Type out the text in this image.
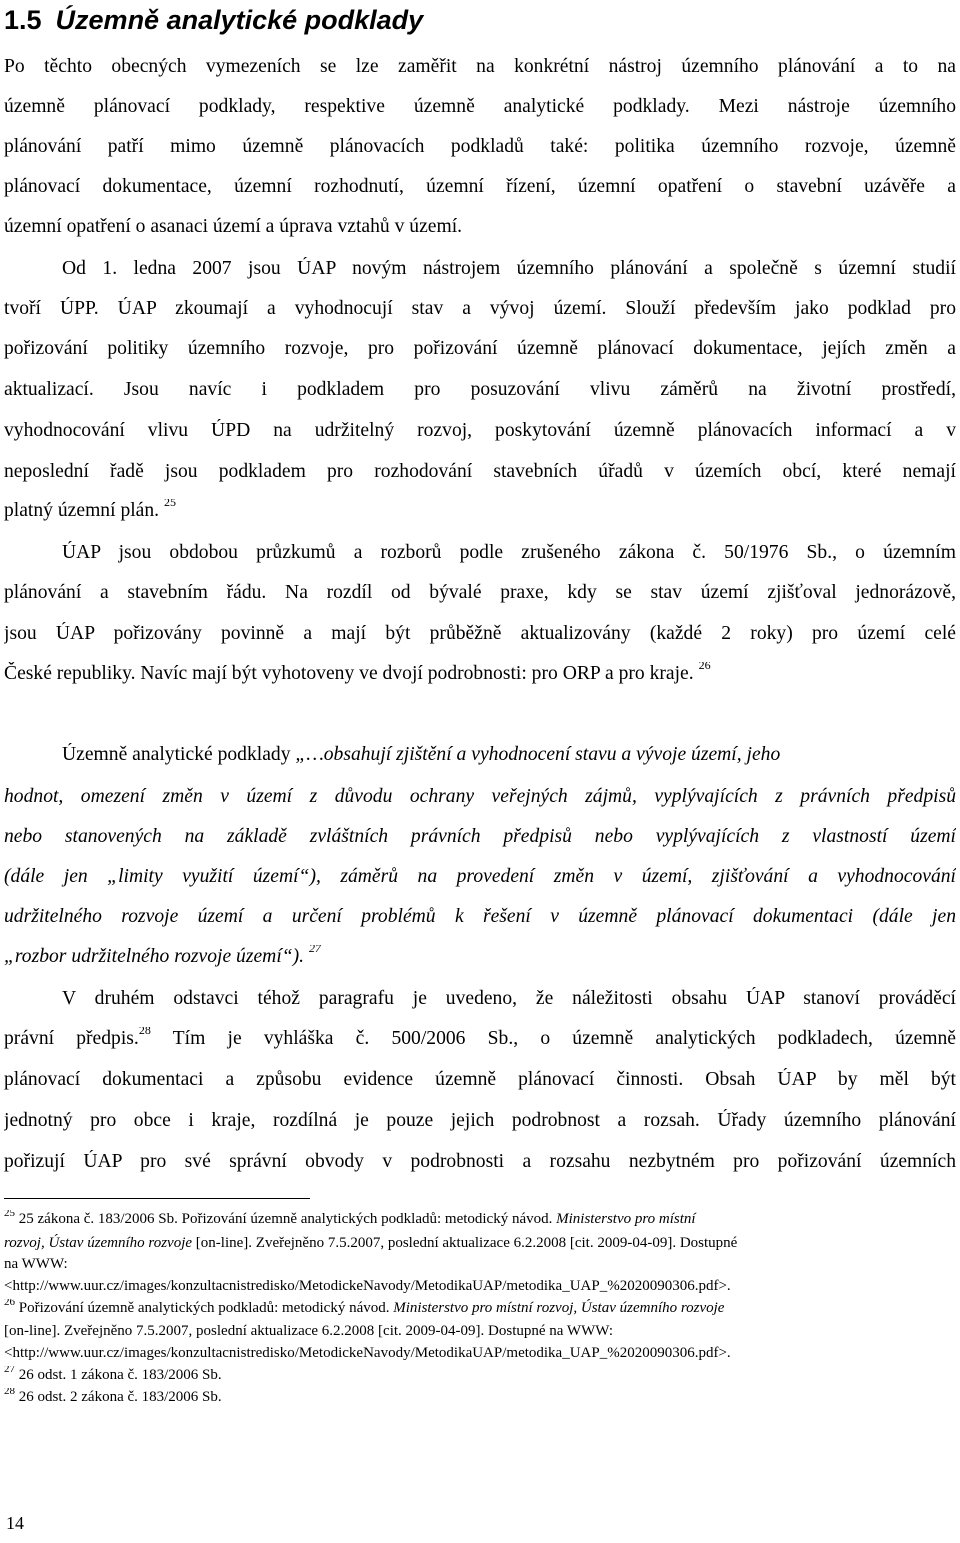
1.5 Územně analytické podklady
Po těchto obecných vymezeních se lze zaměřit na konkrétní nástroj územního plánování a to na
územně plánovací podklady, respektive územně analytické podklady. Mezi nástroje územního
plánování patří mimo územně plánovacích podkladů také: politika územního rozvoje, územně
plánovací dokumentace, územní rozhodnutí, územní řízení, územní opatření o stavební uzávěře a
územní opatření o asanaci území a úprava vztahů v území.
Od 1. ledna 2007 jsou ÚAP novým nástrojem územního plánování a společně s územní studií
tvoří ÚPP. ÚAP zkoumají a vyhodnocují stav a vývoj území. Slouží především jako podklad pro
pořizování politiky územního rozvoje, pro pořizování územně plánovací dokumentace, jejích změn a
aktualizací. Jsou navíc i podkladem pro posuzování vlivu záměrů na životní prostředí,
vyhodnocování vlivu ÚPD na udržitelný rozvoj, poskytování územně plánovacích informací a v
neposlední řadě jsou podkladem pro rozhodování stavebních úřadů v územích obcí, které nemají
platný územní plán. $^{25}$
ÚAP jsou obdobou průzkumů a rozborů podle zrušeného zákona č. 50/1976 Sb., o územním
plánování a stavebním řádu. Na rozdíl od bývalé praxe, kdy se stav území zjišťoval jednorázově,
jsou ÚAP pořizovány povinně a mají být průběžně aktualizovány (každé 2 roky) pro území celé
České republiky. Navíc mají být vyhotoveny ve dvojí podrobnosti: pro ORP a pro kraje. $^{26}$
Územně analytické podklady „…obsahují zjištění a vyhodnocení stavu a vývoje území, jeho
hodnot, omezení změn v území z důvodu ochrany veřejných zájmů, vyplývajících z právních předpisů
nebo stanovených na základě zvláštních právních předpisů nebo vyplývajících z vlastností území
(dále jen „limity využití území“), záměrů na provedení změn v území, zjišťování a vyhodnocování
udržitelného rozvoje území a určení problémů k řešení v územně plánovací dokumentaci (dále jen
„rozbor udržitelného rozvoje území“). $^{27}$
V druhém odstavci téhož paragrafu je uvedeno, že náležitosti obsahu ÚAP stanoví prováděcí
právní předpis.$^{28}$ Tím je vyhláška č. 500/2006 Sb., o územně analytických podkladech, územně
plánovací dokumentaci a způsobu evidence územně plánovací činnosti. Obsah ÚAP by měl být
jednotný pro obce i kraje, rozdílná je pouze jejich podrobnost a rozsah. Úřady územního plánování
pořizují ÚAP pro své správní obvody v podrobnosti a rozsahu nezbytném pro pořizování územních
$^{25}$ 25 zákona č. 183/2006 Sb. Pořizování územně analytických podkladů: metodický návod. Ministerstvo pro místní
rozvoj, Ústav územního rozvoje [on-line]. Zveřejněno 7.5.2007, poslední aktualizace 6.2.2008 [cit. 2009-04-09]. Dostupné
na WWW:
<http://www.uur.cz/images/konzultacnistredisko/MetodickeNavody/MetodikaUAP/metodika_UAP_%2020090306.pdf>.
$^{26}$ Pořizování územně analytických podkladů: metodický návod. Ministerstvo pro místní rozvoj, Ústav územního rozvoje
[on-line]. Zveřejněno 7.5.2007, poslední aktualizace 6.2.2008 [cit. 2009-04-09]. Dostupné na WWW:
<http://www.uur.cz/images/konzultacnistredisko/MetodickeNavody/MetodikaUAP/metodika_UAP_%2020090306.pdf>.
$^{27}$ 26 odst. 1 zákona č. 183/2006 Sb.
$^{28}$ 26 odst. 2 zákona č. 183/2006 Sb.
14
